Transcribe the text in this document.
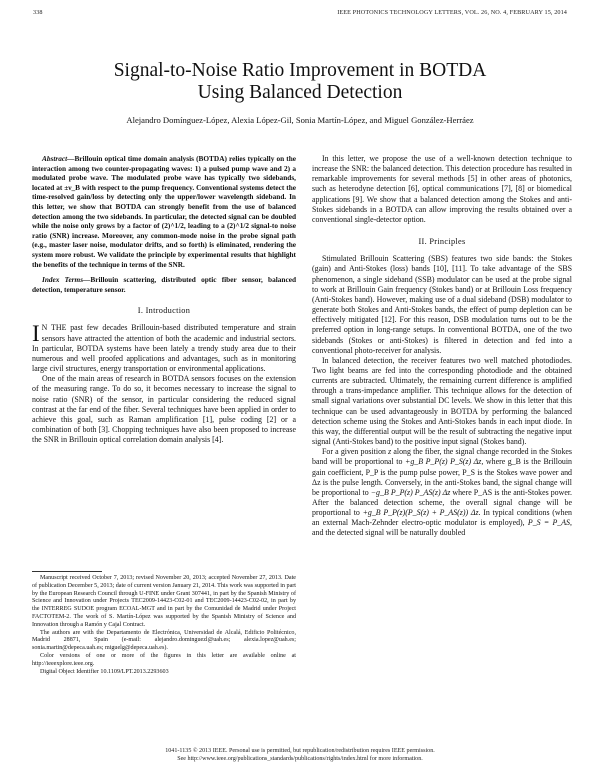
338	IEEE PHOTONICS TECHNOLOGY LETTERS, VOL. 26, NO. 4, FEBRUARY 15, 2014
Signal-to-Noise Ratio Improvement in BOTDA
Using Balanced Detection
Alejandro Domínguez-López, Alexia López-Gil, Sonia Martín-López, and Miguel González-Herráez

Abstract—Brillouin optical time domain analysis (BOTDA) relies typically on the interaction among two counter-propagating waves: 1) a pulsed pump wave and 2) a modulated probe wave. The modulated probe wave has typically two sidebands, located at ±ν_B with respect to the pump frequency. Conventional systems detect the time-resolved gain/loss by detecting only the upper/lower wavelength sideband. In this letter, we show that BOTDA can strongly benefit from the use of balanced detection among the two sidebands. In particular, the detected signal can be doubled while the noise only grows by a factor of (2)^1/2, leading to a (2)^1/2 signal-to noise ratio (SNR) increase. Moreover, any common-mode noise in the probe signal path (e.g., master laser noise, modulator drifts, and so forth) is eliminated, rendering the system more robust. We validate the principle by experimental results that highlight the benefits of the technique in terms of the SNR.

Index Terms—Brillouin scattering, distributed optic fiber sensor, balanced detection, temperature sensor.

I. Introduction

I N THE past few decades Brillouin-based distributed temperature and strain sensors have attracted the attention of both the academic and industrial sectors. In particular, BOTDA systems have been lately a trendy study area due to their numerous and well proofed applications and advantages, such as in monitoring large civil structures, energy transportation or environmental applications.

One of the main areas of research in BOTDA sensors focuses on the extension of the measuring range. To do so, it becomes necessary to increase the signal to noise ratio (SNR) of the sensor, in particular considering the reduced signal contrast at the far end of the fiber. Several techniques have been applied in order to achieve this goal, such as Raman amplification [1], pulse coding [2] or a combination of both [3]. Chopping techniques have also been proposed to increase the SNR in Brillouin optical correlation domain analysis [4].

Manuscript received October 7, 2013; revised November 20, 2013; accepted November 27, 2013. Date of publication December 5, 2013; date of current version January 21, 2014. This work was supported in part by the European Research Council through U-FINE under Grant 307441, in part by the Spanish Ministry of Science and Innovation under Projects TEC2009-14423-C02-01 and TEC2009-14423-C02-02, in part by the INTERREG SUDOE program ECOAL-MGT and in part by the Comunidad de Madrid under Project FACTOTEM-2. The work of S. Martín-López was supported by the Spanish Ministry of Science and Innovation through a Ramón y Cajal Contract.

The authors are with the Departamento de Electrónica, Universidad de Alcalá, Edificio Politécnico, Madrid 28871, Spain (e-mail: alejandro.dominguezl@uah.es; alexia.lopez@uah.es; sonia.martin@depeca.uah.es; miguelg@depeca.uah.es).

Color versions of one or more of the figures in this letter are available online at http://ieeexplore.ieee.org.

Digital Object Identifier 10.1109/LPT.2013.2293603

In this letter, we propose the use of a well-known detection technique to increase the SNR: the balanced detection. This detection procedure has resulted in remarkable improvements for several methods [5] in other areas of photonics, such as heterodyne detection [6], optical communications [7], [8] or biomedical applications [9]. We show that a balanced detection among the Stokes and anti-Stokes sidebands in a BOTDA can allow improving the results obtained over a conventional single-detector option.

II. Principles

Stimulated Brillouin Scattering (SBS) features two side bands: the Stokes (gain) and Anti-Stokes (loss) bands [10], [11]. To take advantage of the SBS phenomenon, a single sideband (SSB) modulator can be used at the probe signal to work at Brillouin Gain frequency (Stokes band) or at Brillouin Loss frequency (Anti-Stokes band). However, making use of a dual sideband (DSB) modulator to generate both Stokes and Anti-Stokes bands, the effect of pump depletion can be effectively mitigated [12]. For this reason, DSB modulation turns out to be the preferred option in long-range setups. In conventional BOTDA, one of the two sidebands (Stokes or anti-Stokes) is filtered in detection and fed into a conventional photo-receiver for analysis.

In balanced detection, the receiver features two well matched photodiodes. Two light beams are fed into the corresponding photodiode and the obtained currents are subtracted. Ultimately, the remaining current difference is amplified through a trans-impedance amplifier. This technique allows for the detection of small signal variations over substantial DC levels. We show in this letter that this technique can be used advantageously in BOTDA by performing the balanced detection scheme using the Stokes and Anti-Stokes bands in each input diode. In this way, the differential output will be the result of subtracting the negative input signal (Anti-Stokes band) to the positive input signal (Stokes band).

For a given position z along the fiber, the signal change recorded in the Stokes band will be proportional to +g_B P_P(z) P_S(z) Δz, where g_B is the Brillouin gain coefficient, P_P is the pump pulse power, P_S is the Stokes wave power and Δz is the pulse length. Conversely, in the anti-Stokes band, the signal change will be proportional to −g_B P_P(z) P_AS(z) Δz where P_AS is the anti-Stokes power. After the balanced detection scheme, the overall signal change will be proportional to +g_B P_P(z)(P_S(z) + P_AS(z)) Δz. In typical conditions (when an external Mach-Zehnder electro-optic modulator is employed), P_S = P_AS, and the detected signal will be naturally doubled

1041-1135 © 2013 IEEE. Personal use is permitted, but republication/redistribution requires IEEE permission.
See http://www.ieee.org/publications_standards/publications/rights/index.html for more information.
